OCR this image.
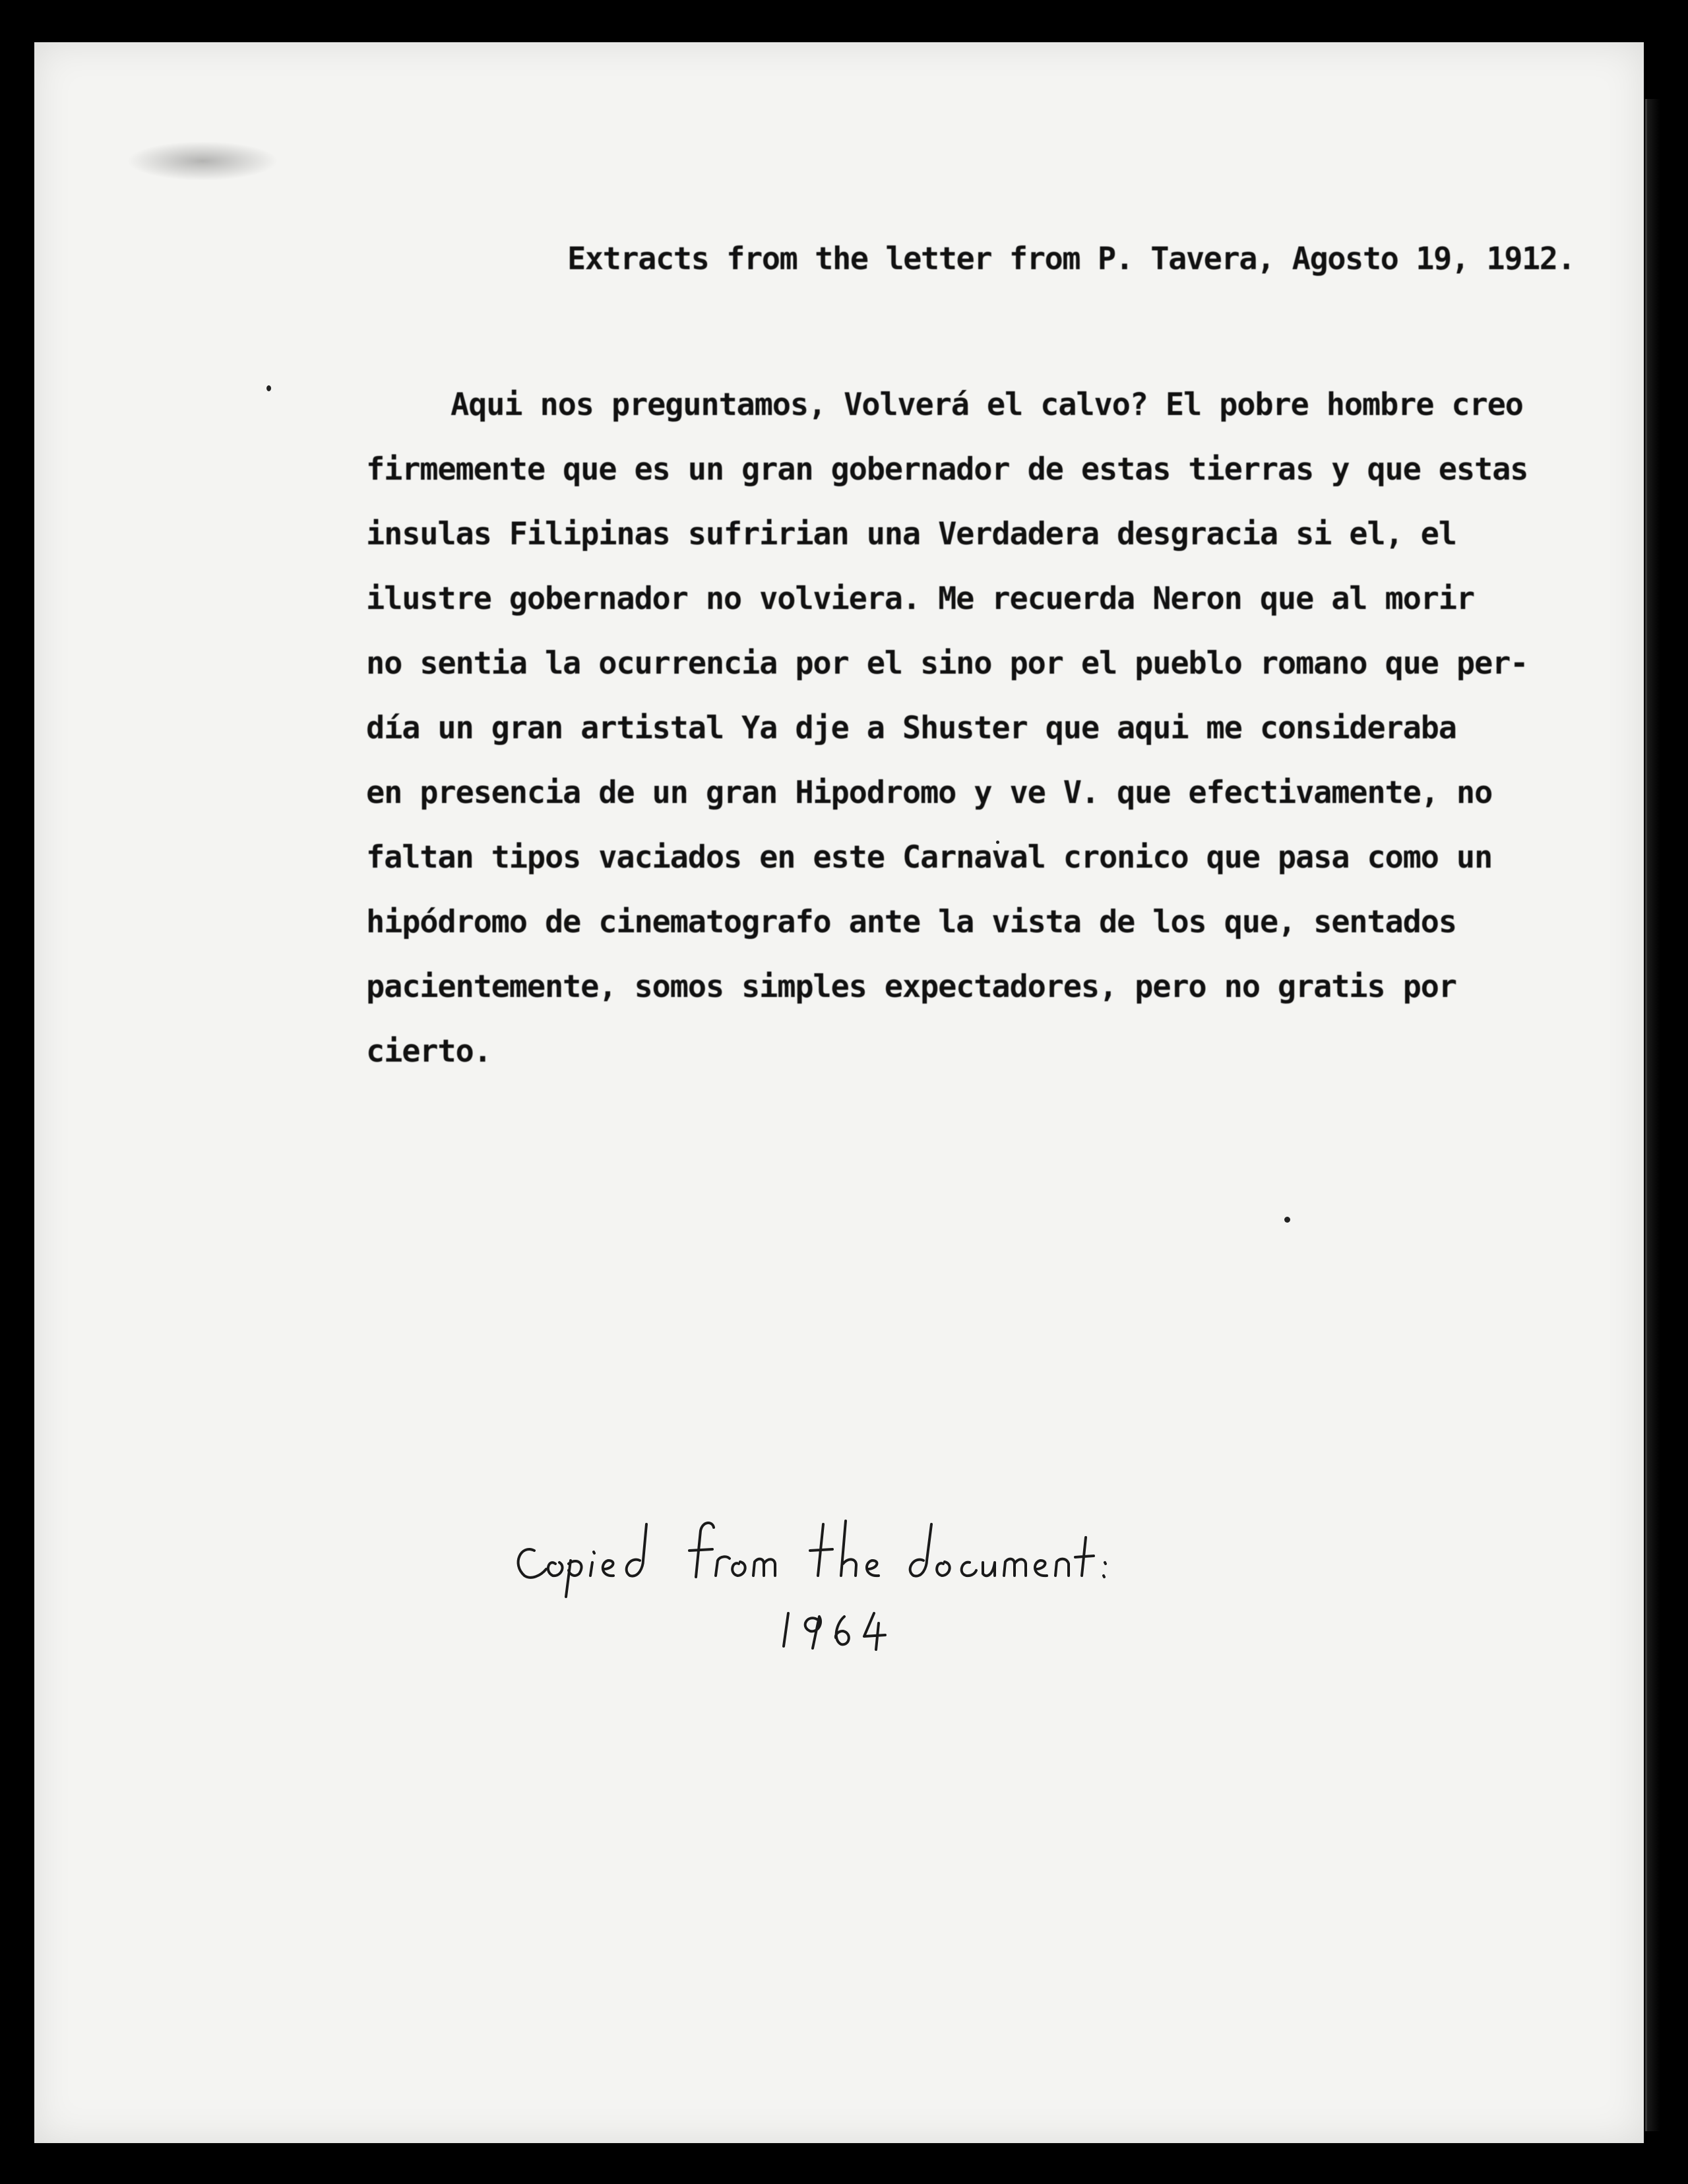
Extracts from the letter from P. Tavera, Agosto 19, 1912.
Aqui nos preguntamos, Volverá el calvo? El pobre hombre creo
firmemente que es un gran gobernador de estas tierras y que estas
insulas Filipinas sufririan una Verdadera desgracia si el, el
ilustre gobernador no volviera. Me recuerda Neron que al morir
no sentia la ocurrencia por el sino por el pueblo romano que per-
día un gran artistal Ya dje a Shuster que aqui me consideraba
en presencia de un gran Hipodromo y ve V. que efectivamente, no
faltan tipos vaciados en este Carnaval cronico que pasa como un
hipódromo de cinematografo ante la vista de los que, sentados
pacientemente, somos simples expectadores, pero no gratis por
cierto.
